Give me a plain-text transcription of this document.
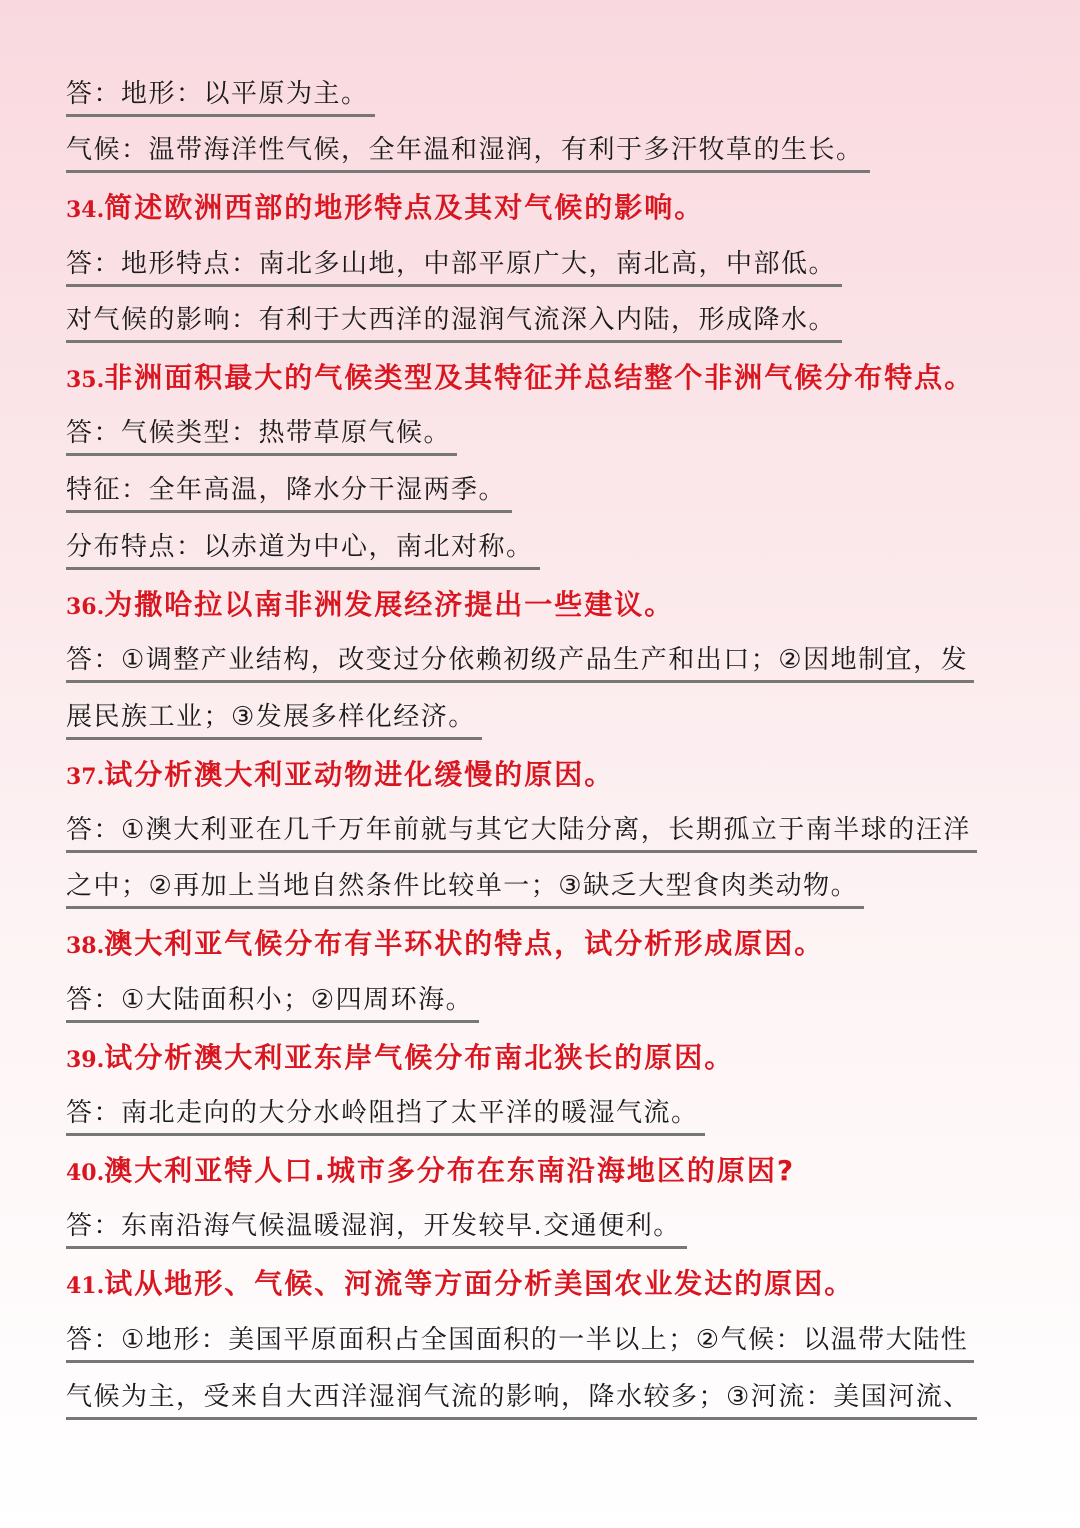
答：地形：以平原为主。
气候：温带海洋性气候，全年温和湿润，有利于多汗牧草的生长。
34.简述欧洲西部的地形特点及其对气候的影响。
答：地形特点：南北多山地，中部平原广大，南北高，中部低。
对气候的影响：有利于大西洋的湿润气流深入内陆，形成降水。
35.非洲面积最大的气候类型及其特征并总结整个非洲气候分布特点。
答：气候类型：热带草原气候。
特征：全年高温，降水分干湿两季。
分布特点：以赤道为中心，南北对称。
36.为撒哈拉以南非洲发展经济提出一些建议。
答：①调整产业结构，改变过分依赖初级产品生产和出口；②因地制宜，发
展民族工业；③发展多样化经济。
37.试分析澳大利亚动物进化缓慢的原因。
答：①澳大利亚在几千万年前就与其它大陆分离，长期孤立于南半球的汪洋
之中；②再加上当地自然条件比较单一；③缺乏大型食肉类动物。
38.澳大利亚气候分布有半环状的特点，试分析形成原因。
答：①大陆面积小；②四周环海。
39.试分析澳大利亚东岸气候分布南北狭长的原因。
答：南北走向的大分水岭阻挡了太平洋的暖湿气流。
40.澳大利亚特人口.城市多分布在东南沿海地区的原因?
答：东南沿海气候温暖湿润，开发较早.交通便利。
41.试从地形、气候、河流等方面分析美国农业发达的原因。
答：①地形：美国平原面积占全国面积的一半以上；②气候：以温带大陆性
气候为主，受来自大西洋湿润气流的影响，降水较多；③河流：美国河流、
